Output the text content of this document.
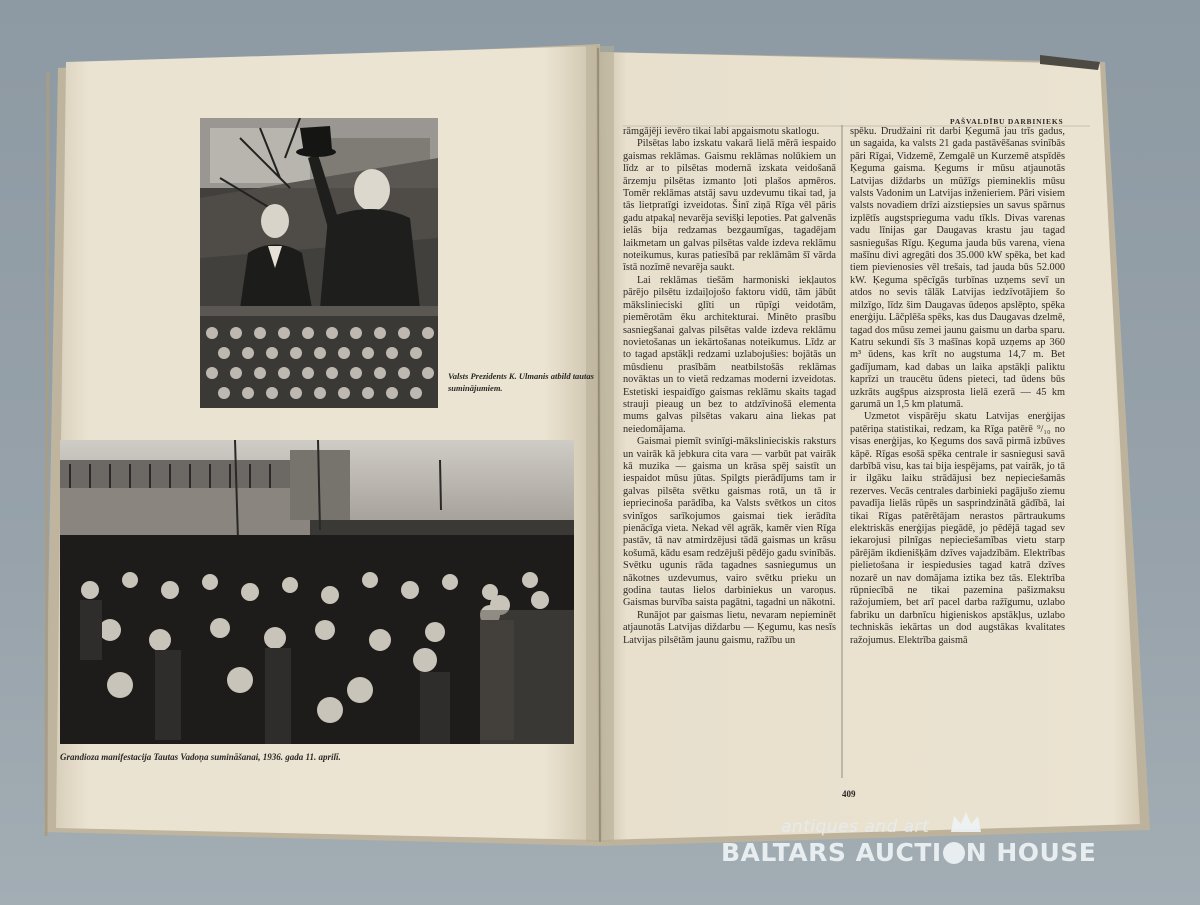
Valsts Prezidents K. Ulmanis atbild tautas suminājumiem.
Grandioza manifestacija Tautas Vadoņa sumināšanai, 1936. gada 11. aprilī.
PAŠVALDĪBU DARBINIEKS

rāmgājēji ievēro tikai labi apgaismotu skatlogu.

Pilsētas labo izskatu vakarā lielā mērā iespaido gaismas reklāmas. Gaismu reklāmas nolūkiem un līdz ar to pilsētas modernā izskata veidošanā ārzemju pilsētas izmanto ļoti plašos apmēros. Tomēr reklāmas atstāj savu uzdevumu tikai tad, ja tās lietpratīgi izveidotas. Šinī ziņā Rīga vēl pāris gadu atpakaļ nevarēja sevišķi lepoties. Pat galvenās ielās bija redzamas bezgaumīgas, tagadējam laikmetam un galvas pilsētas valde izdeva reklāmu noteikumus, kuras patiesībā par reklāmām šī vārda īstā nozīmē nevarēja saukt.

Lai reklāmas tiešām harmoniski iekļautos pārējo pilsētu izdaiļojošo faktoru vidū, tām jābūt mākslinieciski glīti un rūpīgi veidotām, piemērotām ēku architekturai. Minēto prasību sasniegšanai galvas pilsētas valde izdeva reklāmu novietošanas un iekārtošanas noteikumus. Līdz ar to tagad apstākļi redzami uzlabojušies: bojātās un mūsdienu prasībām neatbilstošās reklāmas novāktas un to vietā redzamas moderni izveidotas. Estetiski iespaidīgo gaismas reklāmu skaits tagad strauji pieaug un bez to atdzīvinošā elementa mums galvas pilsētas vakaru aina liekas pat neiedomājama.

Gaismai piemīt svinīgi-mākslinieciskis raksturs un vairāk kā jebkura cita vara — varbūt pat vairāk kā muzika — gaisma un krāsa spēj saistīt un iespaidot mūsu jūtas. Spilgts pierādījums tam ir galvas pilsēta svētku gaismas rotā, un tā ir iepriecinoša parādība, ka Valsts svētkos un citos svinīgos sarīkojumos gaismai tiek ierādīta pienācīga vieta. Nekad vēl agrāk, kamēr vien Rīga pastāv, tā nav atmirdzējusi tādā gaismas un krāsu košumā, kādu esam redzējuši pēdējo gadu svinībās. Svētku ugunis rāda tagadnes sasniegumus un nākotnes uzdevumus, vairo svētku prieku un godina tautas lielos darbiniekus un varoņus. Gaismas burvība saista pagātni, tagadni un nākotni.

Runājot par gaismas lietu, nevaram nepieminēt atjaunotās Latvijas diždarbu — Ķegumu, kas nesīs Latvijas pilsētām jaunu gaismu, ražību un

spēku. Drudžaini rit darbi Ķegumā jau trīs gadus, un sagaida, ka valsts 21 gada pastāvēšanas svinībās pāri Rīgai, Vidzemē, Zemgalē un Kurzemē atspīdēs Ķeguma gaisma. Ķegums ir mūsu atjaunotās Latvijas diždarbs un mūžīgs piemineklis mūsu valsts Vadonim un Latvijas inženieriem. Pāri visiem valsts novadiem drīzi aizstiepsies un savus spārnus izplētīs augstsprieguma vadu tīkls. Divas varenas vadu līnijas gar Daugavas krastu jau tagad sasniegušas Rīgu. Ķeguma jauda būs varena, viena mašīnu divi agregāti dos 35.000 kW spēka, bet kad tiem pievienosies vēl trešais, tad jauda būs 52.000 kW. Ķeguma spēcīgās turbīnas uzņems sevī un atdos no sevis tālāk Latvijas iedzīvotājiem šo milzīgo, līdz šim Daugavas ūdeņos apslēpto, spēka enerģiju. Lāčplēša spēks, kas dus Daugavas dzelmē, tagad dos mūsu zemei jaunu gaismu un darba sparu. Katru sekundi šīs 3 mašīnas kopā uzņems ap 360 m³ ūdens, kas krīt no augstuma 14,7 m. Bet gadījumam, kad dabas un laika apstākļi paliktu kaprīzi un traucētu ūdens pieteci, tad ūdens būs uzkrāts augšpus aizsprosta lielā ezerā — 45 km garumā un 1,5 km platumā.

Uzmetot vispārēju skatu Latvijas enerģijas patēriņa statistikai, redzam, ka Rīga patērē ⁹/₁₀ no visas enerģijas, ko Ķegums dos savā pirmā izbūves kāpē. Rīgas esošā spēka centrale ir sasniegusi savā darbībā visu, kas tai bija iespējams, pat vairāk, jo tā ir ilgāku laiku strādājusi bez nepieciešamās rezerves. Vecās centrales darbinieki pagājušo ziemu pavadīja lielās rūpēs un sasprindzinātā gādībā, lai tikai Rīgas patērētājam nerastos pārtraukums elektriskās enerģijas piegādē, jo pēdējā tagad sev iekarojusi pilnīgas nepieciešamības vietu starp pārējām ikdienišķām dzīves vajadzībām. Elektrības pielietošana ir iespiedusies tagad katrā dzīves nozarē un nav domājama iztika bez tās. Elektrība rūpniecībā ne tikai pazemina pašizmaksu ražojumiem, bet arī pacel darba ražīgumu, uzlabo fabriku un darbnīcu higieniskos apstākļus, uzlabo techniskās iekārtas un dod augstākas kvalitates ražojumus. Elektrība gaismā

409
antiques and art
BALTARS AUCTI N HOUSE
